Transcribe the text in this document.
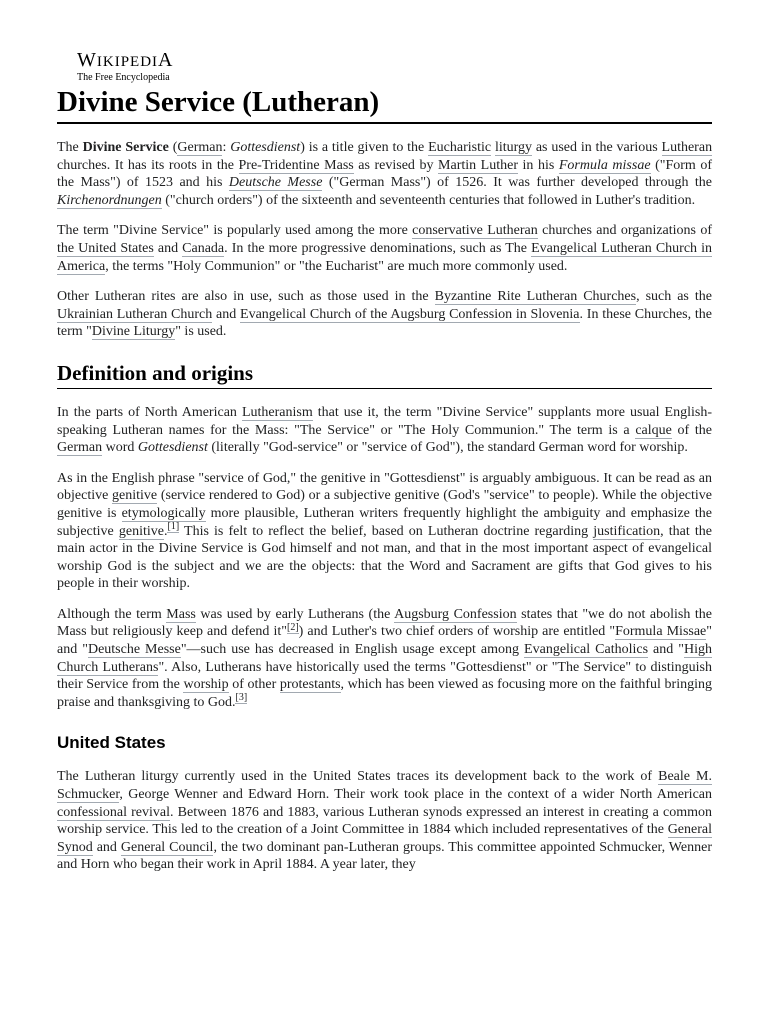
WIKIPEDIA
The Free Encyclopedia
Divine Service (Lutheran)

The Divine Service (German: Gottesdienst) is a title given to the Eucharistic liturgy as used in the various Lutheran churches. It has its roots in the Pre-Tridentine Mass as revised by Martin Luther in his Formula missae ("Form of the Mass") of 1523 and his Deutsche Messe ("German Mass") of 1526. It was further developed through the Kirchenordnungen ("church orders") of the sixteenth and seventeenth centuries that followed in Luther's tradition.

The term "Divine Service" is popularly used among the more conservative Lutheran churches and organizations of the United States and Canada. In the more progressive denominations, such as The Evangelical Lutheran Church in America, the terms "Holy Communion" or "the Eucharist" are much more commonly used.

Other Lutheran rites are also in use, such as those used in the Byzantine Rite Lutheran Churches, such as the Ukrainian Lutheran Church and Evangelical Church of the Augsburg Confession in Slovenia. In these Churches, the term "Divine Liturgy" is used.

Definition and origins

In the parts of North American Lutheranism that use it, the term "Divine Service" supplants more usual English-speaking Lutheran names for the Mass: "The Service" or "The Holy Communion." The term is a calque of the German word Gottesdienst (literally "God-service" or "service of God"), the standard German word for worship.

As in the English phrase "service of God," the genitive in "Gottesdienst" is arguably ambiguous. It can be read as an objective genitive (service rendered to God) or a subjective genitive (God's "service" to people). While the objective genitive is etymologically more plausible, Lutheran writers frequently highlight the ambiguity and emphasize the subjective genitive.[1] This is felt to reflect the belief, based on Lutheran doctrine regarding justification, that the main actor in the Divine Service is God himself and not man, and that in the most important aspect of evangelical worship God is the subject and we are the objects: that the Word and Sacrament are gifts that God gives to his people in their worship.

Although the term Mass was used by early Lutherans (the Augsburg Confession states that "we do not abolish the Mass but religiously keep and defend it"[2]) and Luther's two chief orders of worship are entitled "Formula Missae" and "Deutsche Messe"—such use has decreased in English usage except among Evangelical Catholics and "High Church Lutherans". Also, Lutherans have historically used the terms "Gottesdienst" or "The Service" to distinguish their Service from the worship of other protestants, which has been viewed as focusing more on the faithful bringing praise and thanksgiving to God.[3]

United States

The Lutheran liturgy currently used in the United States traces its development back to the work of Beale M. Schmucker, George Wenner and Edward Horn. Their work took place in the context of a wider North American confessional revival. Between 1876 and 1883, various Lutheran synods expressed an interest in creating a common worship service. This led to the creation of a Joint Committee in 1884 which included representatives of the General Synod and General Council, the two dominant pan-Lutheran groups. This committee appointed Schmucker, Wenner and Horn who began their work in April 1884. A year later, they
